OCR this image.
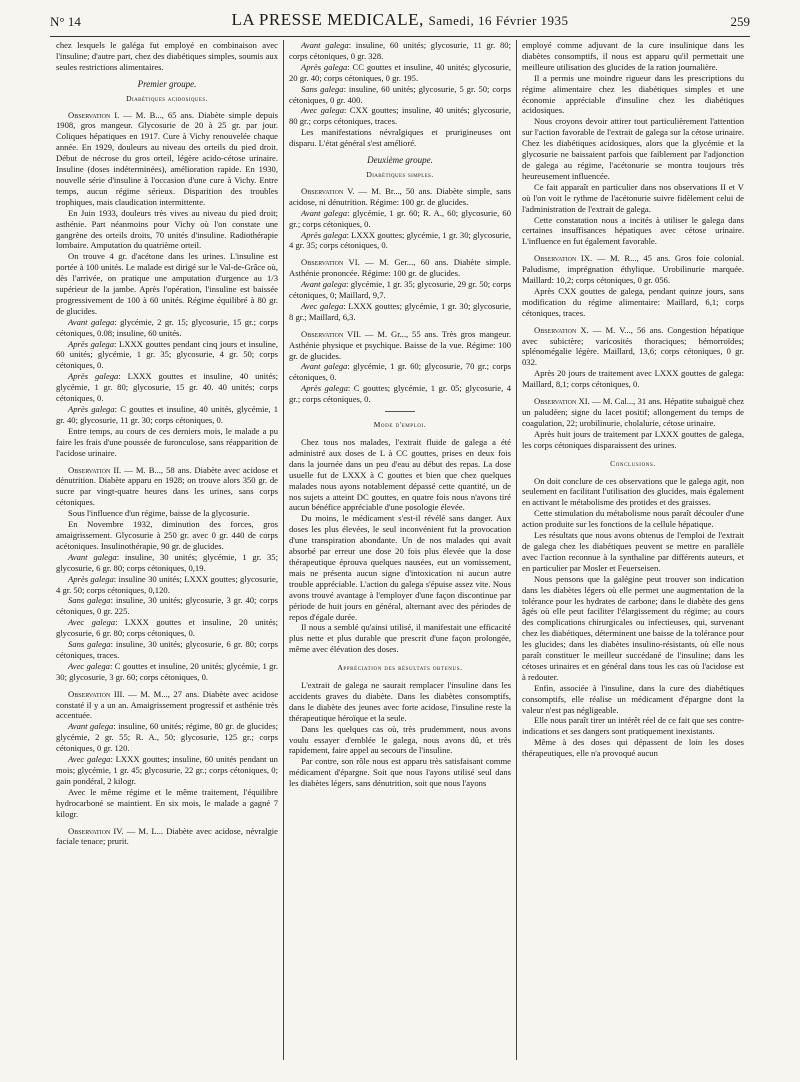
N° 14	LA PRESSE MEDICALE, Samedi, 16 Février 1935	259

chez lesquels le galéga fut employé en combinaison avec l'insuline; d'autre part, chez des diabétiques simples, soumis aux seules restrictions alimentaires.

Premier groupe.
Diabétiques acidosiques.

Observation I. — M. B..., 65 ans. Diabète simple depuis 1908, gros mangeur. Glycosurie de 20 à 25 gr. par jour. Coliques hépatiques en 1917. Cure à Vichy renouvelée chaque année. En 1929, douleurs au niveau des orteils du pied droit. Début de nécrose du gros orteil, légère acido-cétose urinaire. Insuline (doses indéterminées), amélioration rapide. En 1930, nouvelle série d'insuline à l'occasion d'une cure à Vichy. Entre temps, aucun régime sérieux. Disparition des troubles trophiques, mais claudication intermittente.

En Juin 1933, douleurs très vives au niveau du pied droit; asthénie. Part néanmoins pour Vichy où l'on constate une gangrène des orteils droits, 70 unités d'insuline. Radiothérapie lombaire. Amputation du quatrième orteil.

On trouve 4 gr. d'acétone dans les urines. L'insuline est portée à 100 unités. Le malade est dirigé sur le Val-de-Grâce où, dès l'arrivée, on pratique une amputation d'urgence au 1/3 supérieur de la jambe. Après l'opération, l'insuline est baissée progressivement de 100 à 60 unités. Régime équilibré à 80 gr. de glucides.

Avant galega: glycémie, 2 gr. 15; glycosurie, 15 gr.; corps cétoniques, 0.08; insuline, 60 unités.

Après galega: LXXX gouttes pendant cinq jours et insuline, 60 unités; glycémie, 1 gr. 35; glycosurie, 4 gr. 50; corps cétoniques, 0.

Après galega: LXXX gouttes et insuline, 40 unités; glycémie, 1 gr. 80; glycosurie, 15 gr. 40. 40 unités; corps cétoniques, 0.

Après galega: C gouttes et insuline, 40 unités, glycémie, 1 gr. 40; glycosurie, 11 gr. 30; corps cétoniques, 0.

Entre temps, au cours de ces derniers mois, le malade a pu faire les frais d'une poussée de furonculose, sans réapparition de l'acidose urinaire.

Observation II. — M. B..., 58 ans. Diabète avec acidose et dénutrition. Diabète apparu en 1928; on trouve alors 350 gr. de sucre par vingt-quatre heures dans les urines, sans corps cétoniques.

Sous l'influence d'un régime, baisse de la glycosurie.

En Novembre 1932, diminution des forces, gros amaigrissement. Glycosurie à 250 gr. avec 0 gr. 440 de corps acétoniques. Insulinothérapie, 90 gr. de glucides.

Avant galega: insuline, 30 unités; glycémie, 1 gr. 35; glycosurie, 6 gr. 80; corps cétoniques, 0,19.

Après galega: insuline 30 unités; LXXX gouttes; glycosurie, 4 gr. 50; corps cétoniques, 0,120.

Sans galega: insuline, 30 unités; glycosurie, 3 gr. 40; corps cétoniques, 0 gr. 225.

Avec galega: LXXX gouttes et insuline, 20 unités; glycosurie, 6 gr. 80; corps cétoniques, 0.

Sans galega: insuline, 30 unités; glycosurie, 6 gr. 80; corps cétoniques, traces.

Avec galega: C gouttes et insuline, 20 unités; glycémie, 1 gr. 30; glycosurie, 3 gr. 60; corps cétoniques, 0.

Observation III. — M. M..., 27 ans. Diabète avec acidose constaté il y a un an. Amaigrissement progressif et asthénie très accentuée.

Avant galega: insuline, 60 unités; régime, 80 gr. de glucides; glycémie, 2 gr. 55; R. A., 50; glycosurie, 125 gr.; corps cétoniques, 0 gr. 120.

Avec galega: LXXX gouttes; insuline, 60 unités pendant un mois; glycémie, 1 gr. 45; glycosurie, 22 gr.; corps cétoniques, 0; gain pondéral, 2 kilogr.

Avec le même régime et le même traitement, l'équilibre hydrocarboné se maintient. En six mois, le malade a gagné 7 kilogr.

Observation IV. — M. L... Diabète avec acidose, névralgie faciale tenace; prurit.

Avant galega: insuline, 60 unités; glycosurie, 11 gr. 80; corps cétoniques, 0 gr. 328.

Après galega: CC gouttes et insuline, 40 unités; glycosurie, 20 gr. 40; corps cétoniques, 0 gr. 195.

Sans galega: insuline, 60 unités; glycosurie, 5 gr. 50; corps cétoniques, 0 gr. 400.

Avec galega: CXX gouttes; insuline, 40 unités; glycosurie, 80 gr.; corps cétoniques, traces.

Les manifestations névralgiques et prurigineuses ont disparu. L'état général s'est amélioré.

Deuxième groupe.
Diabétiques simples.

Observation V. — M. Br..., 50 ans. Diabète simple, sans acidose, ni dénutrition. Régime: 100 gr. de glucides.

Avant galega: glycémie, 1 gr. 60; R. A., 60; glycosurie, 60 gr.; corps cétoniques, 0.

Après galega: LXXX gouttes; glycémie, 1 gr. 30; glycosurie, 4 gr. 35; corps cétoniques, 0.

Observation VI. — M. Ger..., 60 ans. Diabète simple. Asthénie prononcée. Régime: 100 gr. de glucides.

Avant galega: glycémie, 1 gr. 35; glycosurie, 29 gr. 50; corps cétoniques, 0; Maillard, 9,7.

Avec galega: LXXX gouttes; glycémie, 1 gr. 30; glycosurie, 8 gr.; Maillard, 6,3.

Observation VII. — M. Gr..., 55 ans. Très gros mangeur. Asthénie physique et psychique. Baisse de la vue. Régime: 100 gr. de glucides.

Avant galega: glycémie, 1 gr. 60; glycosurie, 70 gr.; corps cétoniques, 0.

Après galega: C gouttes; glycémie, 1 gr. 05; glycosurie, 4 gr.; corps cétoniques, 0.

Mode d'emploi.

Chez tous nos malades, l'extrait fluide de galega a été administré aux doses de L à CC gouttes, prises en deux fois dans la journée dans un peu d'eau au début des repas. La dose usuelle fut de LXXX à C gouttes et bien que chez quelques malades nous ayons notablement dépassé cette quantité, un de nos sujets a atteint DC gouttes, en quatre fois nous n'avons tiré aucun bénéfice appréciable d'une posologie élevée.

Du moins, le médicament s'est-il révélé sans danger. Aux doses les plus élevées, le seul inconvénient fut la provocation d'une transpiration abondante. Un de nos malades qui avait absorbé par erreur une dose 20 fois plus élevée que la dose thérapeutique éprouva quelques nausées, eut un vomissement, mais ne présenta aucun signe d'intoxication ni aucun autre trouble appréciable. L'action du galega s'épuise assez vite. Nous avons trouvé avantage à l'employer d'une façon discontinue par période de huit jours en général, alternant avec des périodes de repos d'égale durée.

Il nous a semblé qu'ainsi utilisé, il manifestait une efficacité plus nette et plus durable que prescrit d'une façon prolongée, même avec élévation des doses.

Appréciation des résultats obtenus.

L'extrait de galega ne saurait remplacer l'insuline dans les accidents graves du diabète. Dans les diabètes consomptifs, dans le diabète des jeunes avec forte acidose, l'insuline reste la thérapeutique héroïque et la seule.

Dans les quelques cas où, très prudemment, nous avons voulu essayer d'emblée le galega, nous avons dû, et très rapidement, faire appel au secours de l'insuline.

Par contre, son rôle nous est apparu très satisfaisant comme médicament d'épargne. Soit que nous l'ayons utilisé seul dans les diabètes légers, sans dénutrition, soit que nous l'ayons

employé comme adjuvant de la cure insulinique dans les diabètes consomptifs, il nous est apparu qu'il permettait une meilleure utilisation des glucides de la ration journalière.

Il a permis une moindre rigueur dans les prescriptions du régime alimentaire chez les diabétiques simples et une économie appréciable d'insuline chez les diabétiques acidosiques.

Nous croyons devoir attirer tout particulièrement l'attention sur l'action favorable de l'extrait de galega sur la cétose urinaire. Chez les diabétiques acidosiques, alors que la glycémie et la glycosurie ne baissaient parfois que faiblement par l'adjonction de galega au régime, l'acétonurie se montra toujours très heureusement influencée.

Ce fait apparaît en particulier dans nos observations II et V où l'on voit le rythme de l'acétonurie suivre fidèlement celui de l'administration de l'extrait de galega.

Cette constatation nous a incités à utiliser le galega dans certaines insuffisances hépatiques avec cétose urinaire. L'influence en fut également favorable.

Observation IX. — M. R..., 45 ans. Gros foie colonial. Paludisme, imprégnation éthylique. Urobilinurie marquée. Maillard: 10,2; corps cétoniques, 0 gr. 056.

Après CXX gouttes de galega, pendant quinze jours, sans modification du régime alimentaire: Maillard, 6,1; corps cétoniques, traces.

Observation X. — M. V..., 56 ans. Congestion hépatique avec subictère; varicosités thoraciques; hémorroïdes; splénomégalie légère. Maillard, 13,6; corps cétoniques, 0 gr. 032.

Après 20 jours de traitement avec LXXX gouttes de galega: Maillard, 8,1; corps cétoniques, 0.

Observation XI. — M. Cal..., 31 ans. Hépatite subaiguë chez un paludéen; signe du lacet positif; allongement du temps de coagulation, 22; urobilinurie, cholalurie, cétose urinaire.

Après huit jours de traitement par LXXX gouttes de galega, les corps cétoniques disparaissent des urines.

Conclusions.

On doit conclure de ces observations que le galega agit, non seulement en facilitant l'utilisation des glucides, mais également en activant le métabolisme des protides et des graisses.

Cette stimulation du métabolisme nous paraît découler d'une action produite sur les fonctions de la cellule hépatique.

Les résultats que nous avons obtenus de l'emploi de l'extrait de galega chez les diabétiques peuvent se mettre en parallèle avec l'action reconnue à la synthaline par différents auteurs, et en particulier par Mosler et Feuerseisen.

Nous pensons que la galégine peut trouver son indication dans les diabètes légers où elle permet une augmentation de la tolérance pour les hydrates de carbone; dans le diabète des gens âgés où elle peut faciliter l'élargissement du régime; au cours des complications chirurgicales ou infectieuses, qui, survenant chez les diabétiques, déterminent une baisse de la tolérance pour les glucides; dans les diabètes insulino-résistants, où elle nous paraît constituer le meilleur succédané de l'insuline; dans les cétoses urinaires et en général dans tous les cas où l'acidose est à redouter.

Enfin, associée à l'insuline, dans la cure des diabétiques consomptifs, elle réalise un médicament d'épargne dont la valeur n'est pas négligeable.

Elle nous paraît tirer un intérêt réel de ce fait que ses contre-indications et ses dangers sont pratiquement inexistants.

Même à des doses qui dépassent de loin les doses thérapeutiques, elle n'a provoqué aucun
